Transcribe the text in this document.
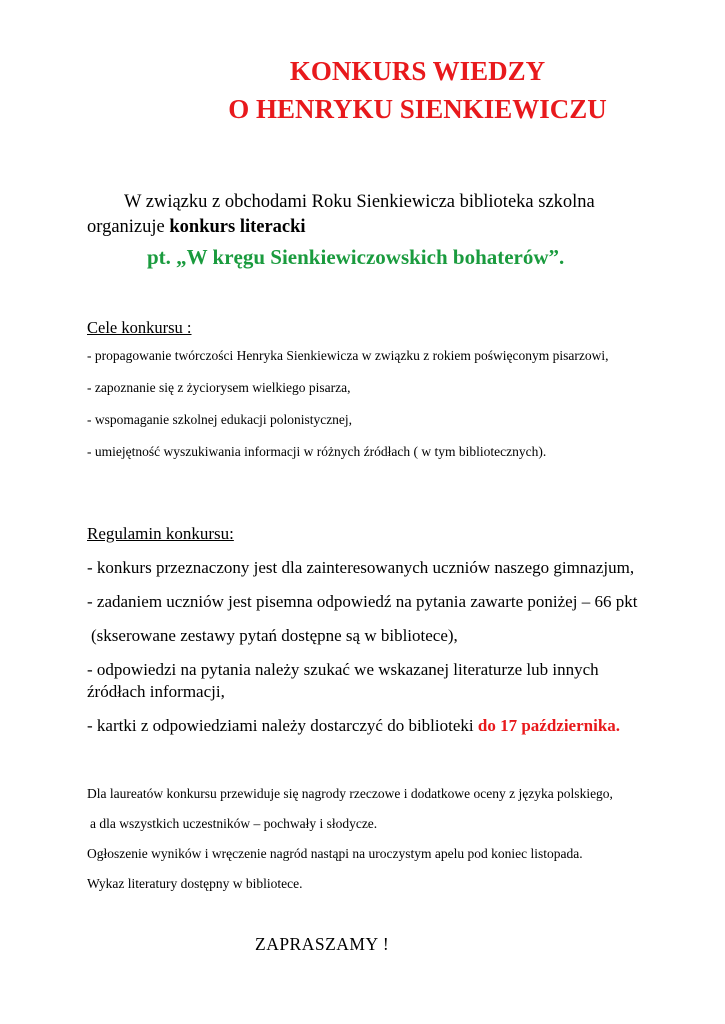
KONKURS WIEDZY
O HENRYKU SIENKIEWICZU
W związku z obchodami Roku Sienkiewicza biblioteka szkolna
organizuje konkurs literacki
pt. „W kręgu Sienkiewiczowskich bohaterów”.
Cele konkursu :
- propagowanie twórczości Henryka Sienkiewicza w związku z rokiem poświęconym pisarzowi,
- zapoznanie się z życiorysem wielkiego pisarza,
- wspomaganie szkolnej edukacji polonistycznej,
- umiejętność wyszukiwania informacji w różnych źródłach ( w tym bibliotecznych).
Regulamin konkursu:
- konkurs przeznaczony jest dla zainteresowanych uczniów naszego gimnazjum,
- zadaniem uczniów jest pisemna odpowiedź na pytania zawarte poniżej – 66 pkt
(skserowane zestawy pytań dostępne są w bibliotece),
- odpowiedzi na pytania należy szukać we wskazanej literaturze lub innych źródłach informacji,
- kartki z odpowiedziami należy dostarczyć do biblioteki do 17 października.
Dla laureatów konkursu przewiduje się nagrody rzeczowe i dodatkowe oceny z języka polskiego,
a dla wszystkich uczestników – pochwały i słodycze.
Ogłoszenie wyników i wręczenie nagród nastąpi na uroczystym apelu pod koniec listopada.
Wykaz literatury dostępny w bibliotece.
ZAPRASZAMY !
